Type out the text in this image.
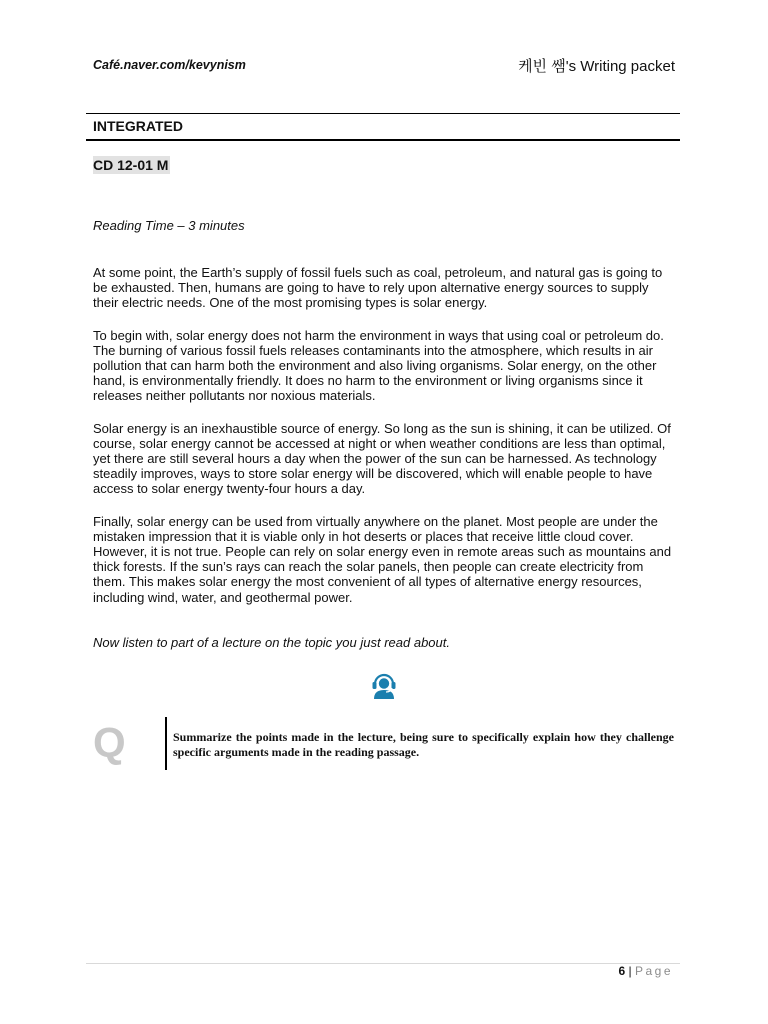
Café.naver.com/kevynism	케빈 쌤's Writing packet
INTEGRATED
CD 12-01 M
Reading Time – 3 minutes

At some point, the Earth’s supply of fossil fuels such as coal, petroleum, and natural gas is going to be exhausted. Then, humans are going to have to rely upon alternative energy sources to supply their electric needs. One of the most promising types is solar energy.

To begin with, solar energy does not harm the environment in ways that using coal or petroleum do. The burning of various fossil fuels releases contaminants into the atmosphere, which results in air pollution that can harm both the environment and also living organisms. Solar energy, on the other hand, is environmentally friendly. It does no harm to the environment or living organisms since it releases neither pollutants nor noxious materials.

Solar energy is an inexhaustible source of energy. So long as the sun is shining, it can be utilized. Of course, solar energy cannot be accessed at night or when weather conditions are less than optimal, yet there are still several hours a day when the power of the sun can be harnessed. As technology steadily improves, ways to store solar energy will be discovered, which will enable people to have access to solar energy twenty-four hours a day.

Finally, solar energy can be used from virtually anywhere on the planet. Most people are under the mistaken impression that it is viable only in hot deserts or places that receive little cloud cover. However, it is not true. People can rely on solar energy even in remote areas such as mountains and thick forests. If the sun’s rays can reach the solar panels, then people can create electricity from them. This makes solar energy the most convenient of all types of alternative energy resources, including wind, water, and geothermal power.

Now listen to part of a lecture on the topic you just read about.
Q	Summarize the points made in the lecture, being sure to specifically explain how they challenge specific arguments made in the reading passage.
6 | Page
